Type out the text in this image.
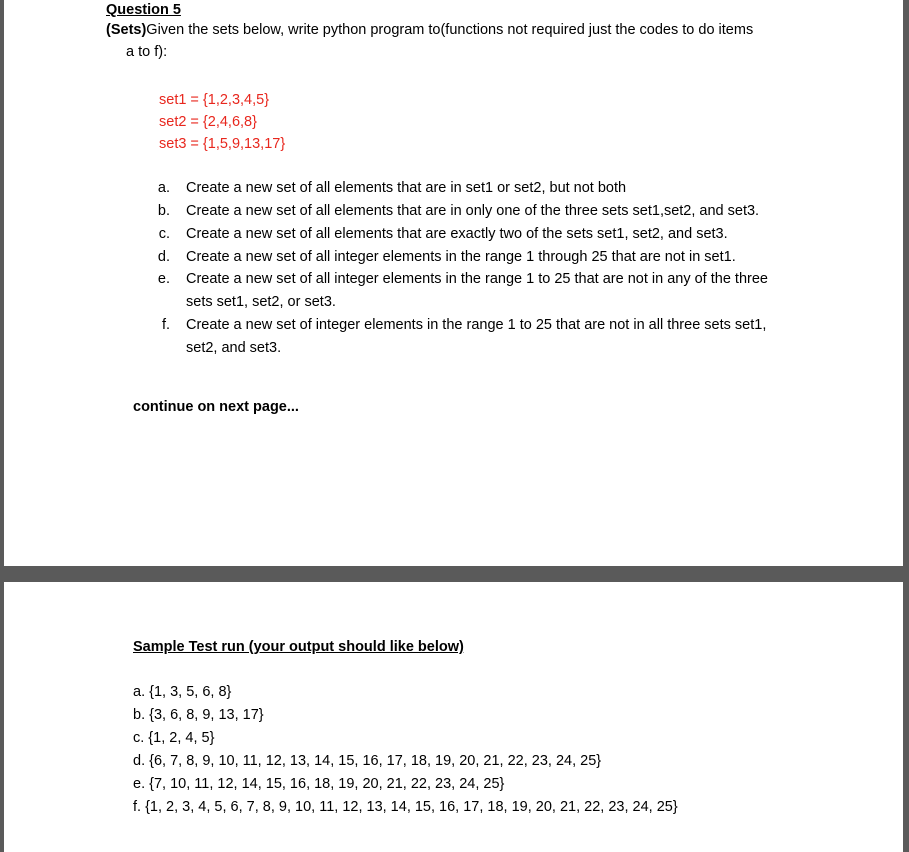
Question 5
(Sets)Given the sets below, write python program to(functions not required just the codes to do items
a to f):
set1 = {1,2,3,4,5}
set2 = {2,4,6,8}
set3 = {1,5,9,13,17}
a. Create a new set of all elements that are in set1 or set2, but not both
b. Create a new set of all elements that are in only one of the three sets set1,set2, and set3.
c. Create a new set of all elements that are exactly two of the sets set1, set2, and set3.
d. Create a new set of all integer elements in the range 1 through 25 that are not in set1.
e. Create a new set of all integer elements in the range 1 to 25 that are not in any of the three
sets set1, set2, or set3.
f. Create a new set of integer elements in the range 1 to 25 that are not in all three sets set1,
set2, and set3.
continue on next page...
Sample Test run (your output should like below)
a. {1, 3, 5, 6, 8}
b. {3, 6, 8, 9, 13, 17}
c. {1, 2, 4, 5}
d. {6, 7, 8, 9, 10, 11, 12, 13, 14, 15, 16, 17, 18, 19, 20, 21, 22, 23, 24, 25}
e. {7, 10, 11, 12, 14, 15, 16, 18, 19, 20, 21, 22, 23, 24, 25}
f. {1, 2, 3, 4, 5, 6, 7, 8, 9, 10, 11, 12, 13, 14, 15, 16, 17, 18, 19, 20, 21, 22, 23, 24, 25}
